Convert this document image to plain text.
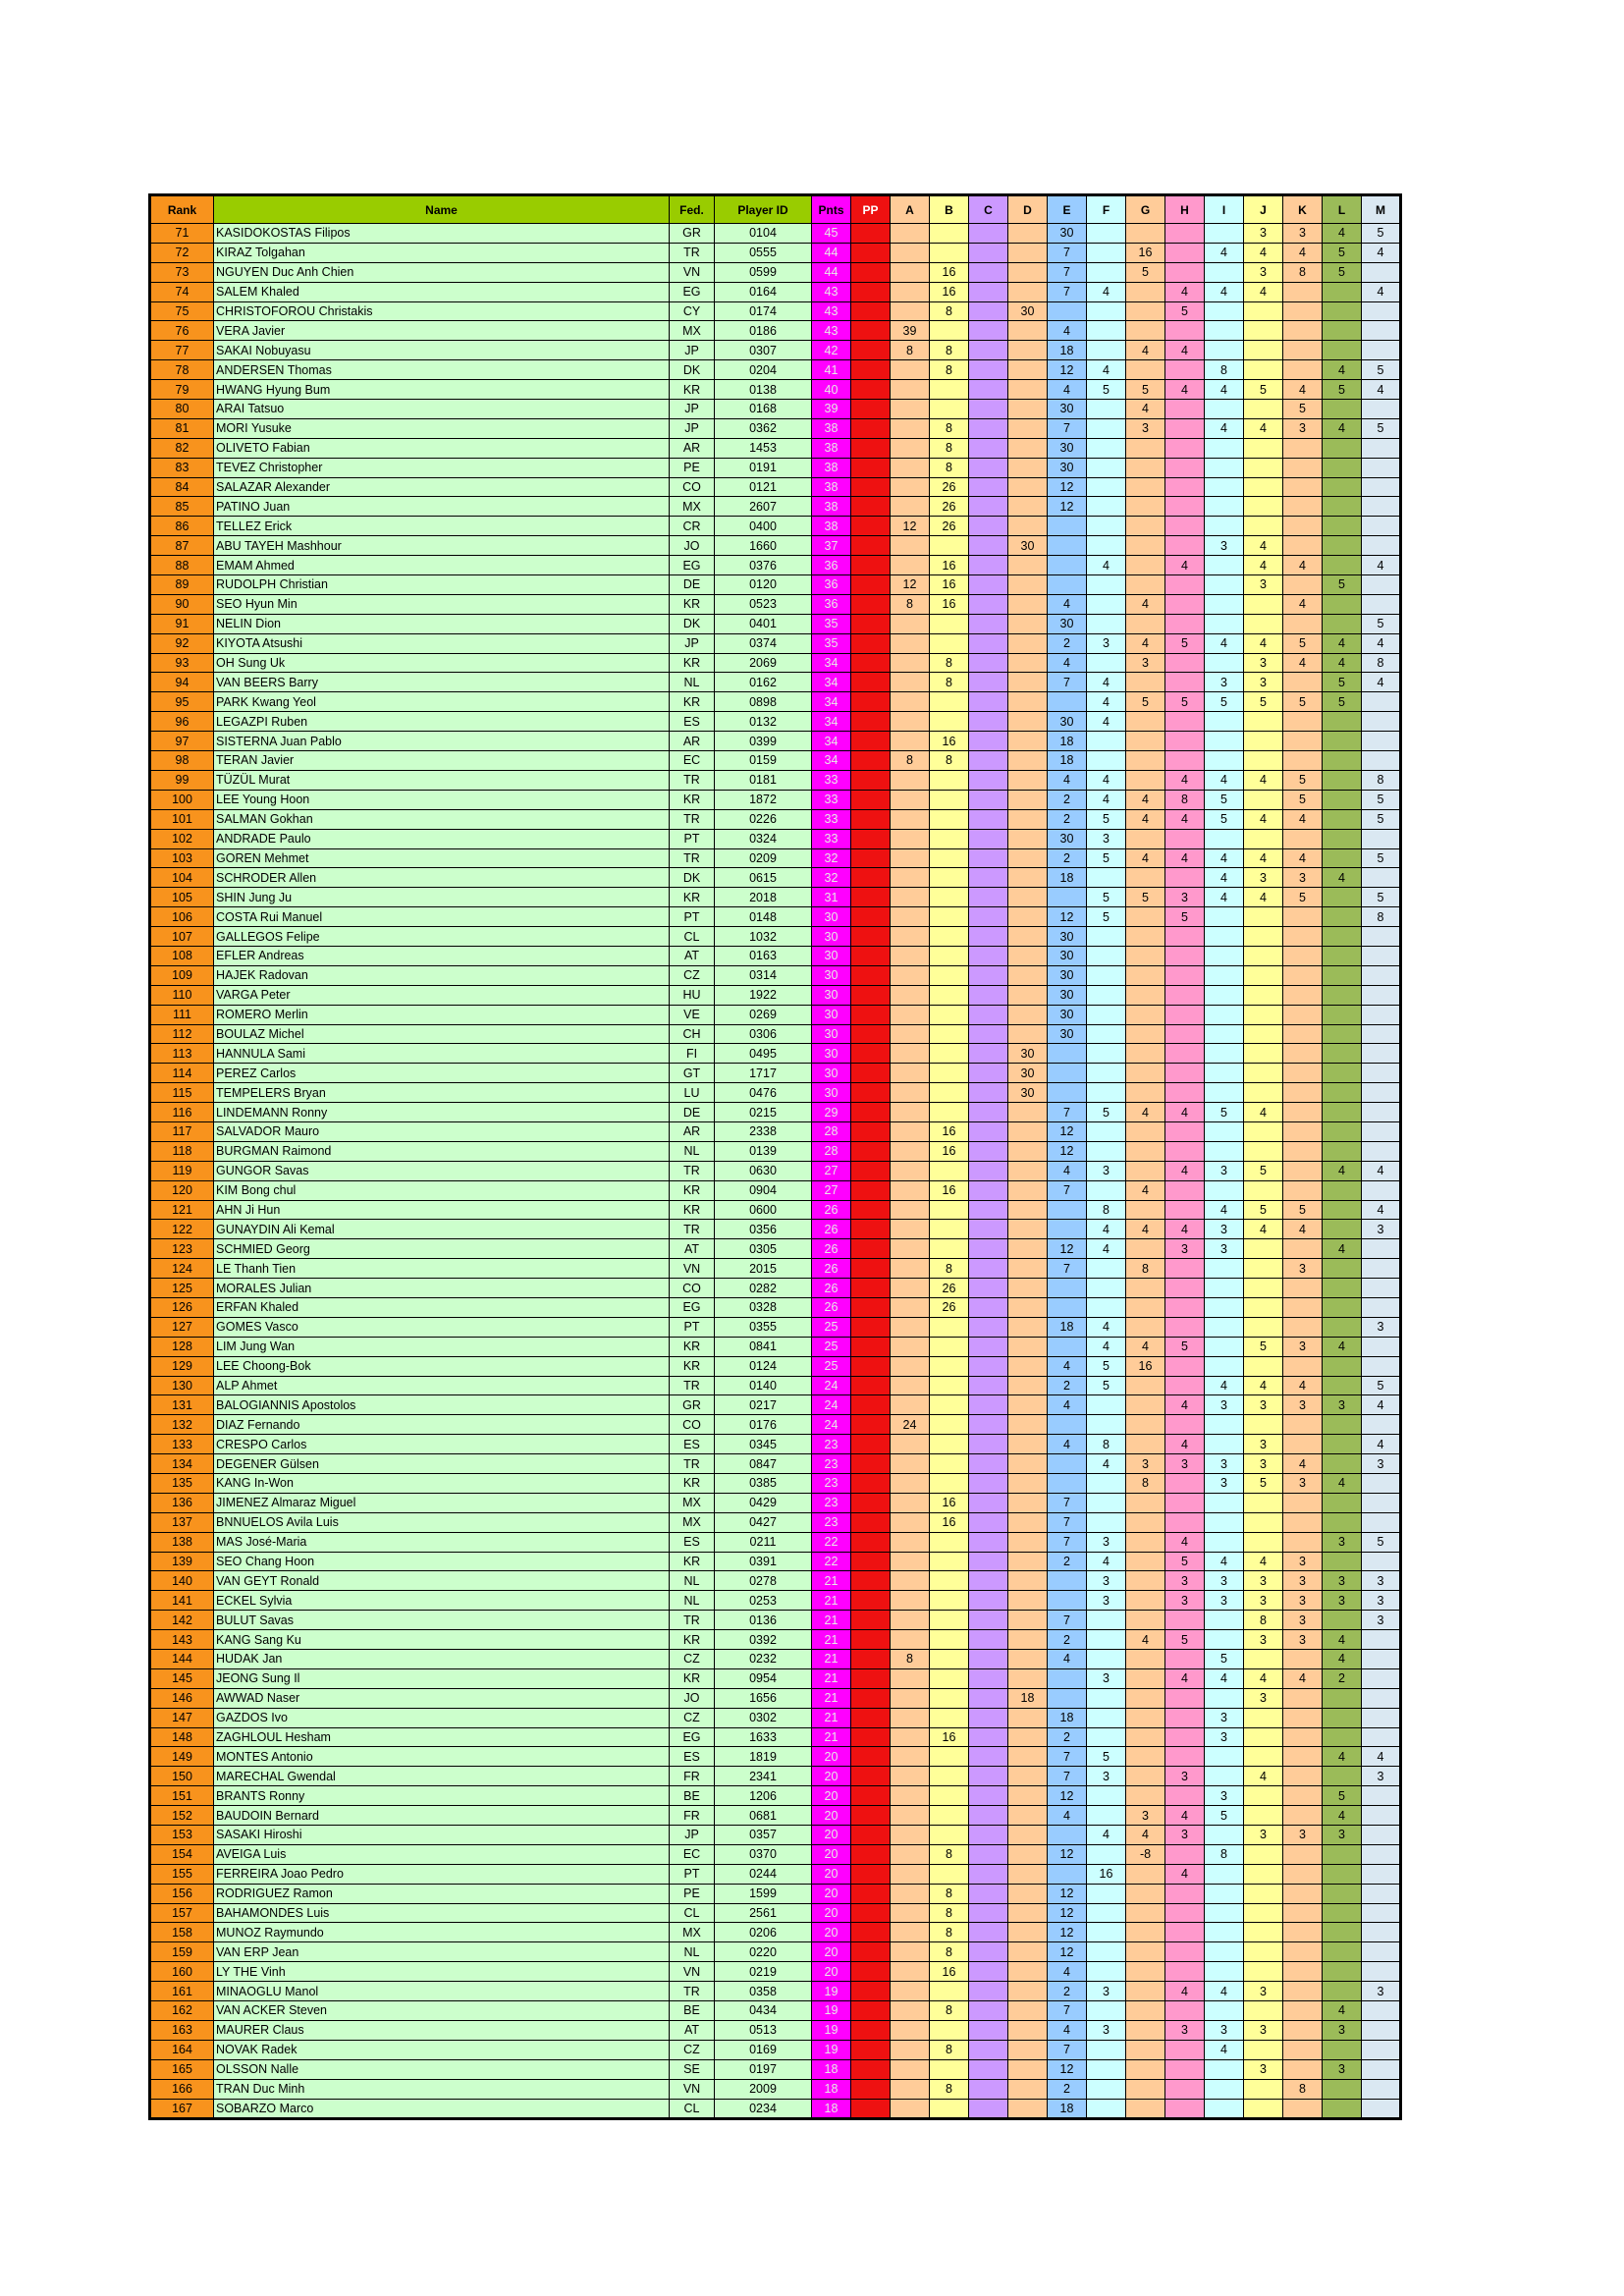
Rank	Name	Fed.	Player ID	Pnts	PP	A	B	C	D	E	F	G	H	I	J	K	L	M
71	KASIDOKOSTAS Filipos	GR	0104	45						30					3	3	4	5
72	KIRAZ Tolgahan	TR	0555	44						7		16		4	4	4	5	4
73	NGUYEN Duc Anh Chien	VN	0599	44			16			7		5			3	8	5	
74	SALEM Khaled	EG	0164	43			16			7	4		4	4	4			4
75	CHRISTOFOROU Christakis	CY	0174	43			8		30				5					
76	VERA Javier	MX	0186	43		39				4								
77	SAKAI Nobuyasu	JP	0307	42		8	8			18		4	4					
78	ANDERSEN Thomas	DK	0204	41			8			12	4			8			4	5
79	HWANG Hyung Bum	KR	0138	40						4	5	5	4	4	5	4	5	4
80	ARAI Tatsuo	JP	0168	39						30		4				5		
81	MORI Yusuke	JP	0362	38			8			7		3		4	4	3	4	5
82	OLIVETO Fabian	AR	1453	38			8			30								
83	TEVEZ Christopher	PE	0191	38			8			30								
84	SALAZAR Alexander	CO	0121	38			26			12								
85	PATINO Juan	MX	2607	38			26			12								
86	TELLEZ Erick	CR	0400	38		12	26											
87	ABU TAYEH Mashhour	JO	1660	37					30					3	4			
88	EMAM Ahmed	EG	0376	36			16				4		4		4	4		4
89	RUDOLPH Christian	DE	0120	36		12	16								3		5	
90	SEO Hyun Min	KR	0523	36		8	16			4		4				4		
91	NELIN Dion	DK	0401	35						30								5
92	KIYOTA Atsushi	JP	0374	35						2	3	4	5	4	4	5	4	4
93	OH Sung Uk	KR	2069	34			8			4		3			3	4	4	8
94	VAN BEERS Barry	NL	0162	34			8			7	4			3	3		5	4
95	PARK Kwang Yeol	KR	0898	34							4	5	5	5	5	5	5	
96	LEGAZPI Ruben	ES	0132	34						30	4							
97	SISTERNA Juan Pablo	AR	0399	34			16			18								
98	TERAN Javier	EC	0159	34		8	8			18								
99	TÜZÜL Murat	TR	0181	33						4	4		4	4	4	5		8
100	LEE Young Hoon	KR	1872	33						2	4	4	8	5		5		5
101	SALMAN Gokhan	TR	0226	33						2	5	4	4	5	4	4		5
102	ANDRADE Paulo	PT	0324	33						30	3							
103	GOREN Mehmet	TR	0209	32						2	5	4	4	4	4	4		5
104	SCHRODER Allen	DK	0615	32						18				4	3	3	4	
105	SHIN Jung Ju	KR	2018	31							5	5	3	4	4	5		5
106	COSTA Rui Manuel	PT	0148	30						12	5		5					8
107	GALLEGOS Felipe	CL	1032	30						30								
108	EFLER Andreas	AT	0163	30						30								
109	HAJEK Radovan	CZ	0314	30						30								
110	VARGA Peter	HU	1922	30						30								
111	ROMERO Merlin	VE	0269	30						30								
112	BOULAZ Michel	CH	0306	30						30								
113	HANNULA Sami	FI	0495	30					30									
114	PEREZ Carlos	GT	1717	30					30									
115	TEMPELERS Bryan	LU	0476	30					30									
116	LINDEMANN Ronny	DE	0215	29						7	5	4	4	5	4			
117	SALVADOR Mauro	AR	2338	28			16			12								
118	BURGMAN Raimond	NL	0139	28			16			12								
119	GUNGOR Savas	TR	0630	27						4	3		4	3	5		4	4
120	KIM Bong chul	KR	0904	27			16			7		4						
121	AHN Ji Hun	KR	0600	26							8			4	5	5		4
122	GUNAYDIN Ali Kemal	TR	0356	26							4	4	4	3	4	4		3
123	SCHMIED Georg	AT	0305	26						12	4		3	3			4	
124	LE Thanh Tien	VN	2015	26			8			7		8				3		
125	MORALES Julian	CO	0282	26			26											
126	ERFAN Khaled	EG	0328	26			26											
127	GOMES Vasco	PT	0355	25						18	4							3
128	LIM Jung Wan	KR	0841	25							4	4	5		5	3	4	
129	LEE Choong-Bok	KR	0124	25						4	5	16						
130	ALP Ahmet	TR	0140	24						2	5			4	4	4		5
131	BALOGIANNIS Apostolos	GR	0217	24						4			4	3	3	3	3	4
132	DIAZ Fernando	CO	0176	24		24												
133	CRESPO Carlos	ES	0345	23						4	8		4		3			4
134	DEGENER Gülsen	TR	0847	23							4	3	3	3	3	4		3
135	KANG In-Won	KR	0385	23								8		3	5	3	4	
136	JIMENEZ Almaraz Miguel	MX	0429	23			16			7								
137	BNNUELOS Avila Luis	MX	0427	23			16			7								
138	MAS José-Maria	ES	0211	22						7	3		4				3	5
139	SEO Chang Hoon	KR	0391	22						2	4		5	4	4	3		
140	VAN GEYT Ronald	NL	0278	21							3		3	3	3	3	3	3
141	ECKEL Sylvia	NL	0253	21							3		3	3	3	3	3	3
142	BULUT Savas	TR	0136	21						7					8	3		3
143	KANG Sang Ku	KR	0392	21						2		4	5		3	3	4	
144	HUDAK Jan	CZ	0232	21		8				4				5			4	
145	JEONG Sung Il	KR	0954	21							3		4	4	4	4	2	
146	AWWAD Naser	JO	1656	21					18						3			
147	GAZDOS Ivo	CZ	0302	21						18				3				
148	ZAGHLOUL Hesham	EG	1633	21			16			2				3				
149	MONTES Antonio	ES	1819	20						7	5						4	4
150	MARECHAL Gwendal	FR	2341	20						7	3		3		4			3
151	BRANTS Ronny	BE	1206	20						12				3			5	
152	BAUDOIN Bernard	FR	0681	20						4		3	4	5			4	
153	SASAKI Hiroshi	JP	0357	20							4	4	3		3	3	3	
154	AVEIGA Luis	EC	0370	20			8			12		-8		8				
155	FERREIRA Joao Pedro	PT	0244	20							16		4					
156	RODRIGUEZ Ramon	PE	1599	20			8			12								
157	BAHAMONDES Luis	CL	2561	20			8			12								
158	MUNOZ Raymundo	MX	0206	20			8			12								
159	VAN ERP Jean	NL	0220	20			8			12								
160	LY THE Vinh	VN	0219	20			16			4								
161	MINAOGLU Manol	TR	0358	19						2	3		4	4	3			3
162	VAN ACKER Steven	BE	0434	19			8			7							4	
163	MAURER Claus	AT	0513	19						4	3		3	3	3		3	
164	NOVAK Radek	CZ	0169	19			8			7				4				
165	OLSSON Nalle	SE	0197	18						12					3		3	
166	TRAN Duc Minh	VN	2009	18			8			2						8		
167	SOBARZO Marco	CL	0234	18						18								
